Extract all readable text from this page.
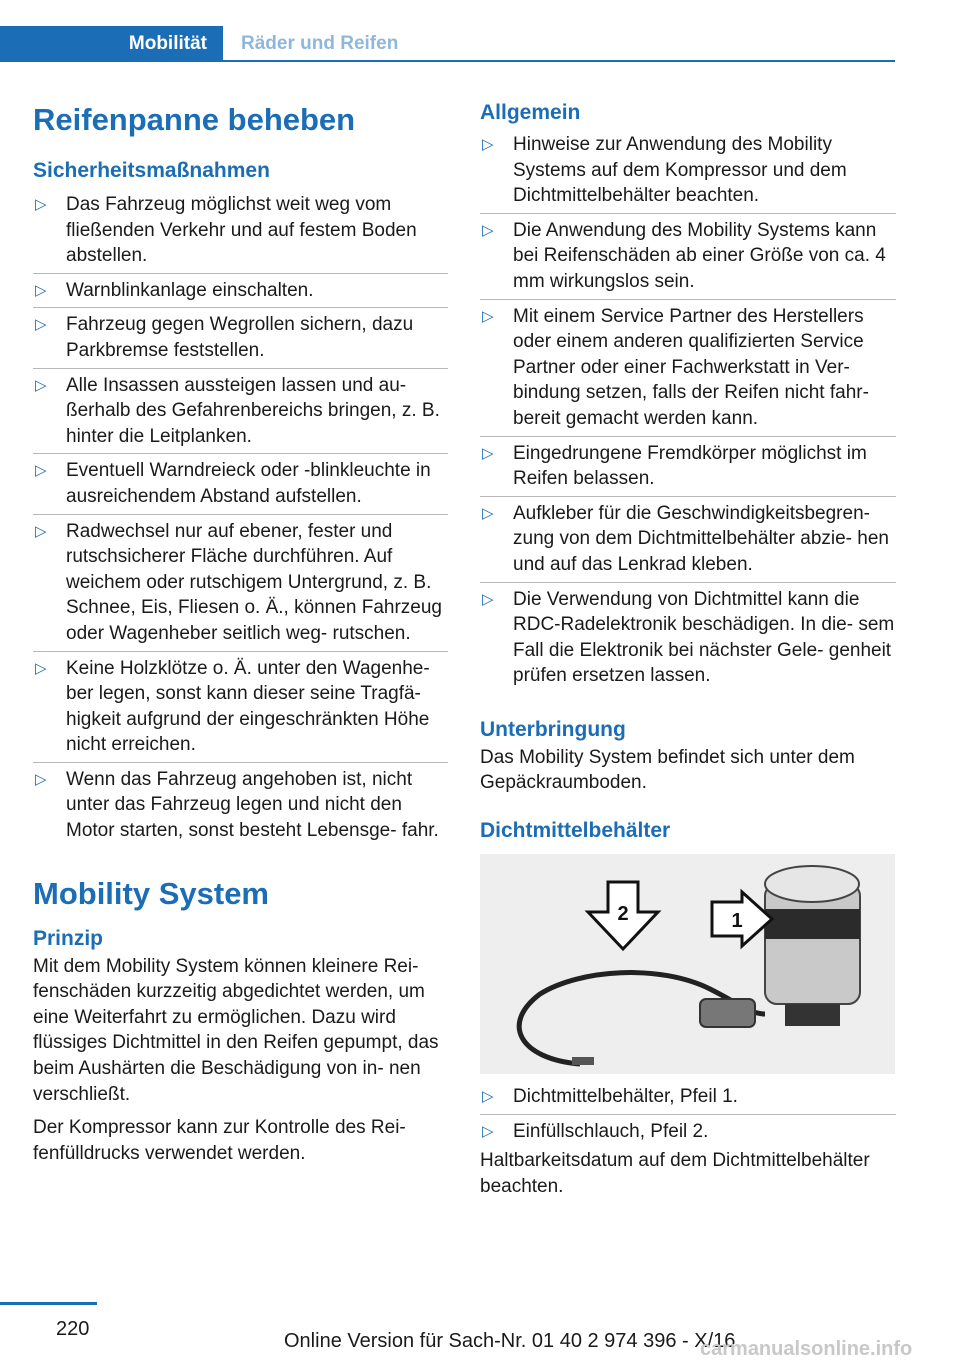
Mobilität	Räder und Reifen
Reifenpanne beheben
Sicherheitsmaßnahmen
▷ Das Fahrzeug möglichst weit weg vom fließenden Verkehr und auf festem Boden abstellen.
▷ Warnblinkanlage einschalten.
▷ Fahrzeug gegen Wegrollen sichern, dazu Parkbremse feststellen.
▷ Alle Insassen aussteigen lassen und au‐ ßerhalb des Gefahrenbereichs bringen, z. B. hinter die Leitplanken.
▷ Eventuell Warndreieck oder -blinkleuchte in ausreichendem Abstand aufstellen.
▷ Radwechsel nur auf ebener, fester und rutschsicherer Fläche durchführen. Auf weichem oder rutschigem Untergrund, z. B. Schnee, Eis, Fliesen o. Ä., können Fahrzeug oder Wagenheber seitlich weg‐ rutschen.
▷ Keine Holzklötze o. Ä. unter den Wagenhe‐ ber legen, sonst kann dieser seine Tragfä‐ higkeit aufgrund der eingeschränkten Höhe nicht erreichen.
▷ Wenn das Fahrzeug angehoben ist, nicht unter das Fahrzeug legen und nicht den Motor starten, sonst besteht Lebensge‐ fahr.
Mobility System
Prinzip

Mit dem Mobility System können kleinere Rei‐ fenschäden kurzzeitig abgedichtet werden, um eine Weiterfahrt zu ermöglichen. Dazu wird flüssiges Dichtmittel in den Reifen gepumpt, das beim Aushärten die Beschädigung von in‐ nen verschließt.

Der Kompressor kann zur Kontrolle des Rei‐ fenfülldrucks verwendet werden.

Allgemein
▷ Hinweise zur Anwendung des Mobility Systems auf dem Kompressor und dem Dichtmittelbehälter beachten.
▷ Die Anwendung des Mobility Systems kann bei Reifenschäden ab einer Größe von ca. 4 mm wirkungslos sein.
▷ Mit einem Service Partner des Herstellers oder einem anderen qualifizierten Service Partner oder einer Fachwerkstatt in Ver‐ bindung setzen, falls der Reifen nicht fahr‐ bereit gemacht werden kann.
▷ Eingedrungene Fremdkörper möglichst im Reifen belassen.
▷ Aufkleber für die Geschwindigkeitsbegren‐ zung von dem Dichtmittelbehälter abzie‐ hen und auf das Lenkrad kleben.
▷ Die Verwendung von Dichtmittel kann die RDC-Radelektronik beschädigen. In die‐ sem Fall die Elektronik bei nächster Gele‐ genheit prüfen ersetzen lassen.
Unterbringung

Das Mobility System befindet sich unter dem Gepäckraumboden.

Dichtmittelbehälter
2	1
▷ Dichtmittelbehälter, Pfeil 1.
▷ Einfüllschlauch, Pfeil 2.

Haltbarkeitsdatum auf dem Dichtmittelbehälter beachten.

220
Online Version für Sach-Nr. 01 40 2 974 396 - X/16
carmanualsonline.info
